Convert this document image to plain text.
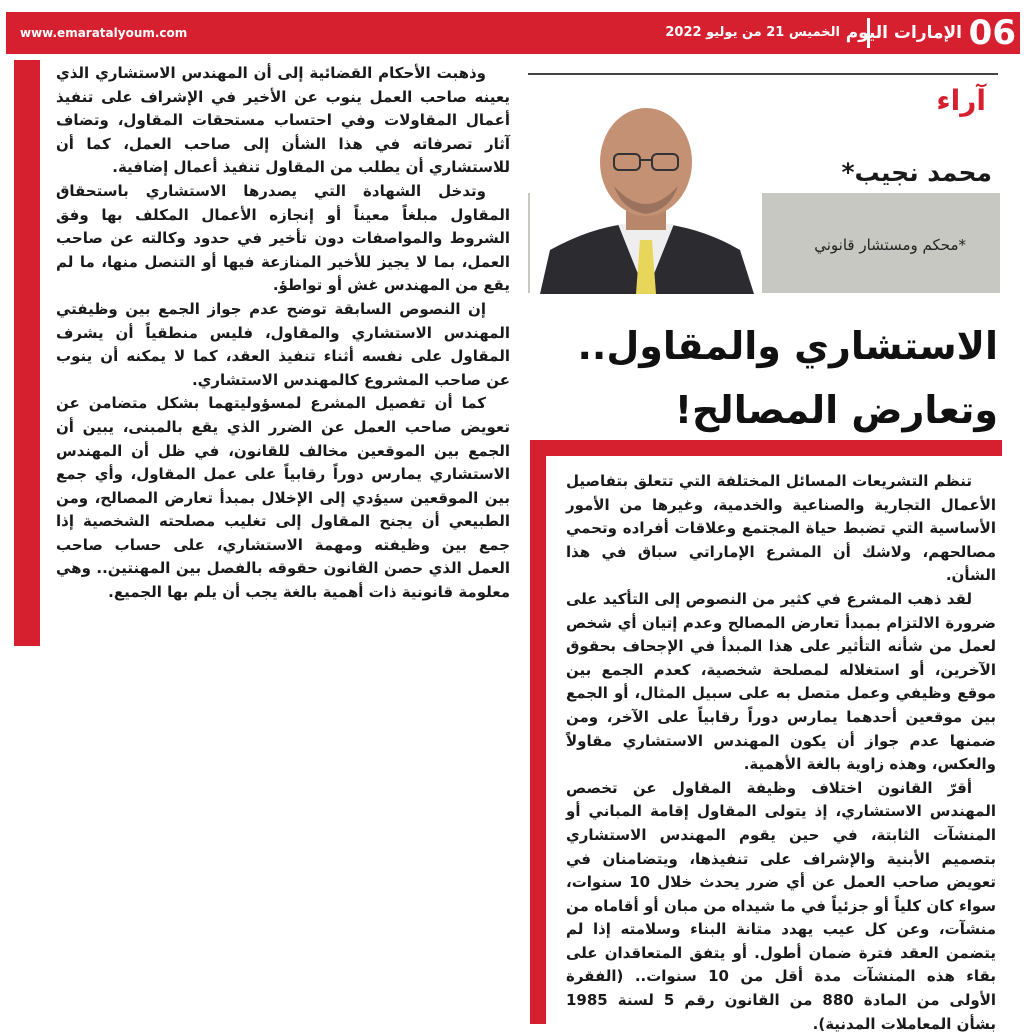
www.emaratalyoum.com	الخميس 21 من يوليو 2022 الإمارات اليوم 06

وذهبت الأحكام القضائية إلى أن المهندس الاستشاري الذي يعينه صاحب العمل ينوب عن الأخير في الإشراف على تنفيذ أعمال المقاولات وفي احتساب مستحقات المقاول، وتضاف آثار تصرفاته في هذا الشأن إلى صاحب العمل، كما أن للاستشاري أن يطلب من المقاول تنفيذ أعمال إضافية.

وتدخل الشهادة التي يصدرها الاستشاري باستحقاق المقاول مبلغاً معيناً أو إنجازه الأعمال المكلف بها وفق الشروط والمواصفات دون تأخير في حدود وكالته عن صاحب العمل، بما لا يجيز للأخير المنازعة فيها أو التنصل منها، ما لم يقع من المهندس غش أو تواطؤ.

إن النصوص السابقة توضح عدم جواز الجمع بين وظيفتي المهندس الاستشاري والمقاول، فليس منطقياً أن يشرف المقاول على نفسه أثناء تنفيذ العقد، كما لا يمكنه أن ينوب عن صاحب المشروع كالمهندس الاستشاري.

كما أن تفصيل المشرع لمسؤوليتهما بشكل متضامن عن تعويض صاحب العمل عن الضرر الذي يقع بالمبنى، يبين أن الجمع بين الموقعين مخالف للقانون، في ظل أن المهندس الاستشاري يمارس دوراً رقابياً على عمل المقاول، وأي جمع بين الموقعين سيؤدي إلى الإخلال بمبدأ تعارض المصالح، ومن الطبيعي أن يجنح المقاول إلى تغليب مصلحته الشخصية إذا جمع بين وظيفته ومهمة الاستشاري، على حساب صاحب العمل الذي حصن القانون حقوقه بالفصل بين المهنتين.. وهي معلومة قانونية ذات أهمية بالغة يجب أن يلم بها الجميع.

آراء
محمد نجيب*
*محكم ومستشار قانوني
الاستشاري والمقاول.. وتعارض المصالح!

تنظم التشريعات المسائل المختلفة التي تتعلق بتفاصيل الأعمال التجارية والصناعية والخدمية، وغيرها من الأمور الأساسية التي تضبط حياة المجتمع وعلاقات أفراده وتحمي مصالحهم، ولاشك أن المشرع الإماراتي سباق في هذا الشأن.

لقد ذهب المشرع في كثير من النصوص إلى التأكيد على ضرورة الالتزام بمبدأ تعارض المصالح وعدم إتيان أي شخص لعمل من شأنه التأثير على هذا المبدأ في الإجحاف بحقوق الآخرين، أو استغلاله لمصلحة شخصية، كعدم الجمع بين موقع وظيفي وعمل متصل به على سبيل المثال، أو الجمع بين موقعين أحدهما يمارس دوراً رقابياً على الآخر، ومن ضمنها عدم جواز أن يكون المهندس الاستشاري مقاولاً والعكس، وهذه زاوية بالغة الأهمية.

أقرّ القانون اختلاف وظيفة المقاول عن تخصص المهندس الاستشاري، إذ يتولى المقاول إقامة المباني أو المنشآت الثابتة، في حين يقوم المهندس الاستشاري بتصميم الأبنية والإشراف على تنفيذها، ويتضامنان في تعويض صاحب العمل عن أي ضرر يحدث خلال 10 سنوات، سواء كان كلياً أو جزئياً في ما شيداه من مبان أو أقاماه من منشآت، وعن كل عيب يهدد متانة البناء وسلامته إذا لم يتضمن العقد فترة ضمان أطول. أو يتفق المتعاقدان على بقاء هذه المنشآت مدة أقل من 10 سنوات.. (الفقرة الأولى من المادة 880 من القانون رقم 5 لسنة 1985 بشأن المعاملات المدنية).
